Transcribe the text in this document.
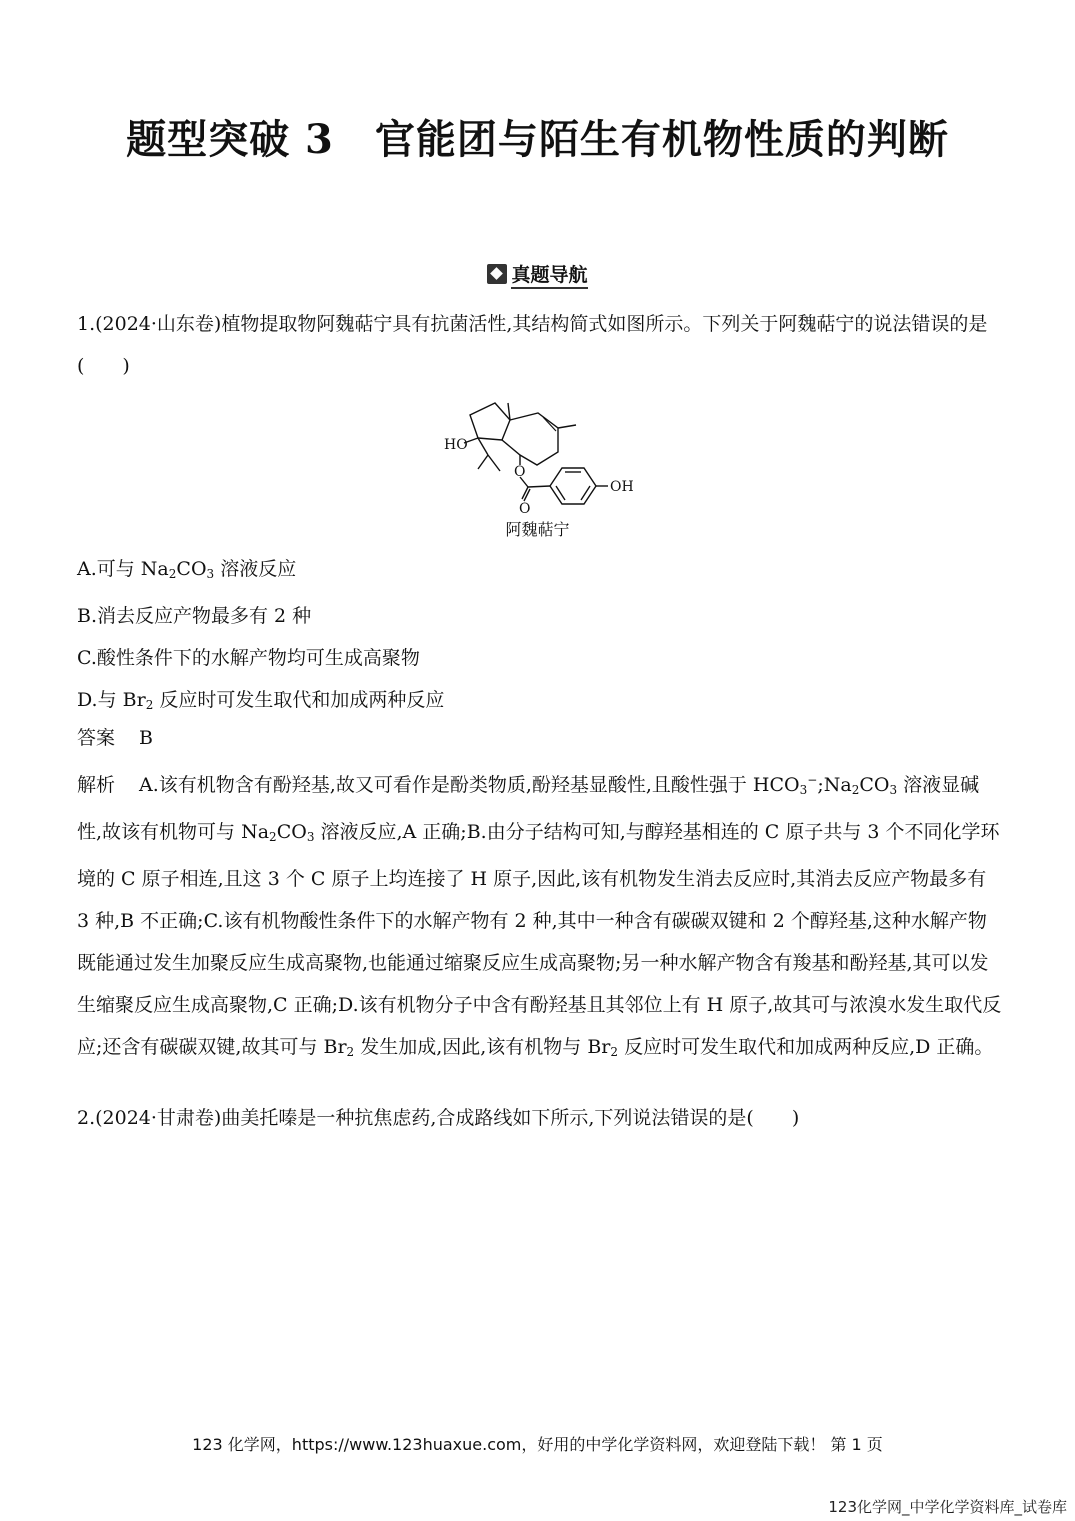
题型突破 3　官能团与陌生有机物性质的判断
真题导航
1.(2024·山东卷)植物提取物阿魏萜宁具有抗菌活性,其结构简式如图所示。下列关于阿魏萜宁的说法错误的是(　　)
HO
O
O
OH
阿魏萜宁
A.可与 $Na_2CO_3$ 溶液反应
B.消去反应产物最多有 2 种
C.酸性条件下的水解产物均可生成高聚物
D.与 $Br_2$ 反应时可发生取代和加成两种反应
答案 B
解析 A.该有机物含有酚羟基,故又可看作是酚类物质,酚羟基显酸性,且酸性强于 $HCO_3^-;Na_2CO_3$ 溶液显碱性,故该有机物可与 $Na_2CO_3$ 溶液反应,A 正确;B.由分子结构可知,与醇羟基相连的 C 原子共与 3 个不同化学环境的 C 原子相连,且这 3 个 C 原子上均连接了 H 原子,因此,该有机物发生消去反应时,其消去反应产物最多有 3 种,B 不正确;C.该有机物酸性条件下的水解产物有 2 种,其中一种含有碳碳双键和 2 个醇羟基,这种水解产物既能通过发生加聚反应生成高聚物,也能通过缩聚反应生成高聚物;另一种水解产物含有羧基和酚羟基,其可以发生缩聚反应生成高聚物,C 正确;D.该有机物分子中含有酚羟基且其邻位上有 H 原子,故其可与浓溴水发生取代反应;还含有碳碳双键,故其可与 $Br_2$ 发生加成,因此,该有机物与 $Br_2$ 反应时可发生取代和加成两种反应,D 正确。
2.(2024·甘肃卷)曲美托嗪是一种抗焦虑药,合成路线如下所示,下列说法错误的是(　　)
123 化学网，https://www.123huaxue.com，好用的中学化学资料网，欢迎登陆下载！ 第 1 页
123化学网_中学化学资料库_试卷库
